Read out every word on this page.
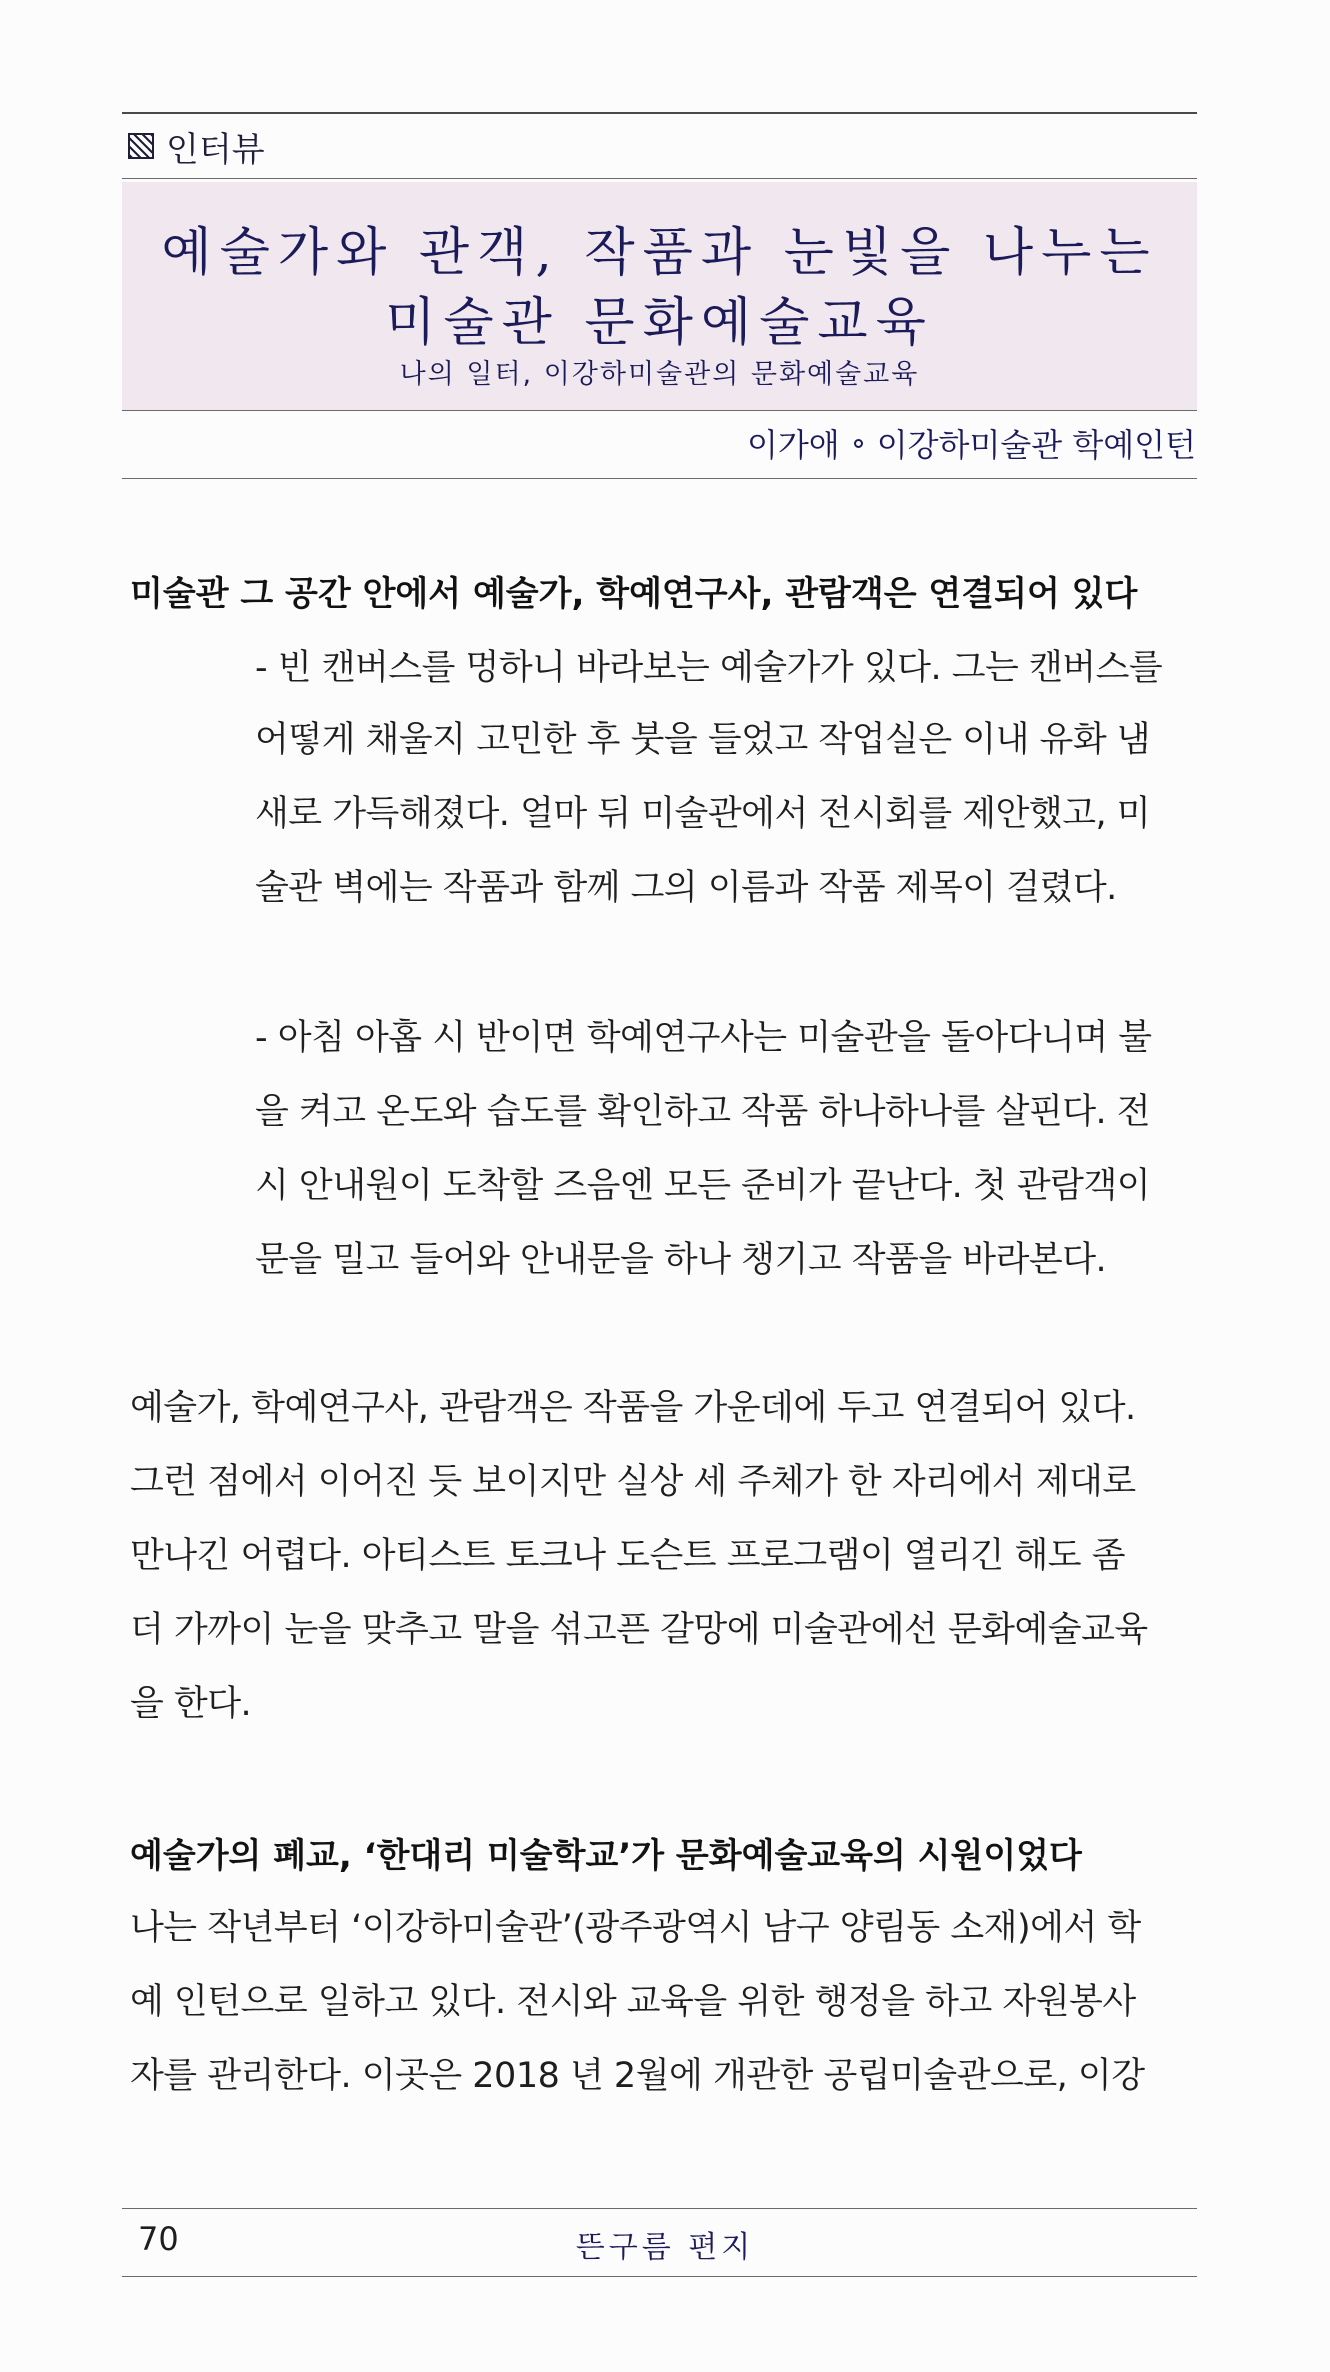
인터뷰
예술가와 관객, 작품과 눈빛을 나누는
미술관 문화예술교육
나의 일터, 이강하미술관의 문화예술교육
이가애 이강하미술관 학예인턴
미술관 그 공간 안에서 예술가, 학예연구사, 관람객은 연결되어 있다
- 빈 캔버스를 멍하니 바라보는 예술가가 있다. 그는 캔버스를
어떻게 채울지 고민한 후 붓을 들었고 작업실은 이내 유화 냄
새로 가득해졌다. 얼마 뒤 미술관에서 전시회를 제안했고, 미
술관 벽에는 작품과 함께 그의 이름과 작품 제목이 걸렸다.
- 아침 아홉 시 반이면 학예연구사는 미술관을 돌아다니며 불
을 켜고 온도와 습도를 확인하고 작품 하나하나를 살핀다. 전
시 안내원이 도착할 즈음엔 모든 준비가 끝난다. 첫 관람객이
문을 밀고 들어와 안내문을 하나 챙기고 작품을 바라본다.
예술가, 학예연구사, 관람객은 작품을 가운데에 두고 연결되어 있다.
그런 점에서 이어진 듯 보이지만 실상 세 주체가 한 자리에서 제대로
만나긴 어렵다. 아티스트 토크나 도슨트 프로그램이 열리긴 해도 좀
더 가까이 눈을 맞추고 말을 섞고픈 갈망에 미술관에선 문화예술교육
을 한다.
예술가의 폐교, ‘한대리 미술학교’가 문화예술교육의 시원이었다
나는 작년부터 ‘이강하미술관’(광주광역시 남구 양림동 소재)에서 학
예 인턴으로 일하고 있다. 전시와 교육을 위한 행정을 하고 자원봉사
자를 관리한다. 이곳은 2018 년 2월에 개관한 공립미술관으로, 이강
70	뜬구름 편지
